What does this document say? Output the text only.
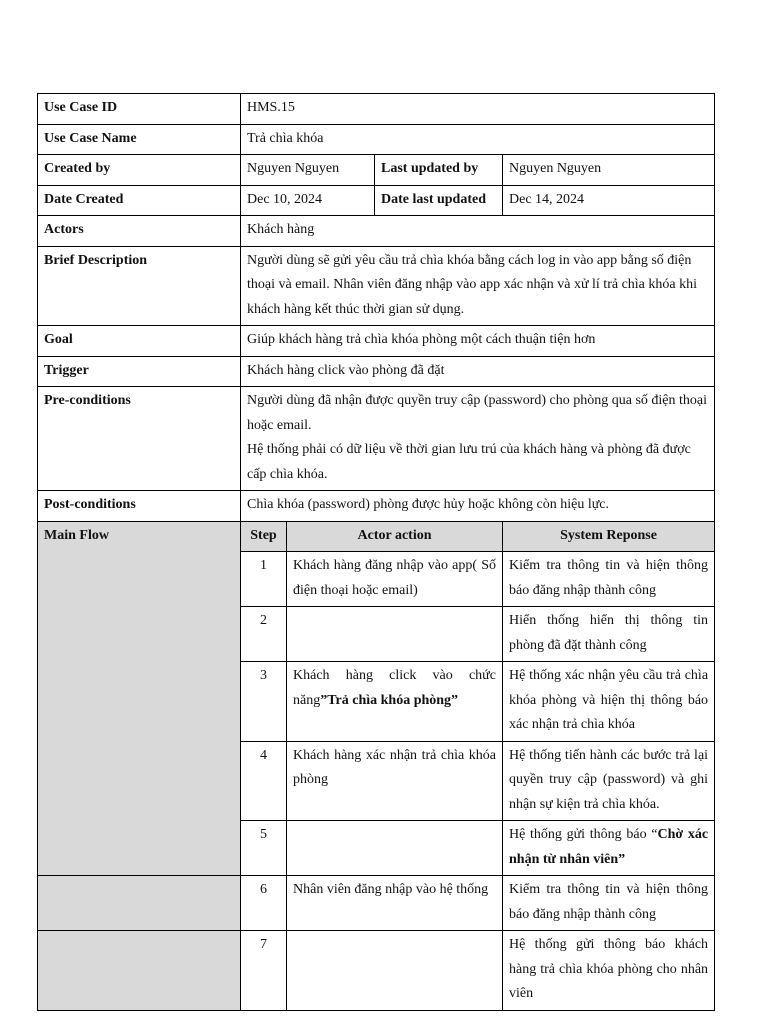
Use Case ID	HMS.15			
Use Case Name	Trả chìa khóa			
Created by	Nguyen Nguyen		Last updated by	Nguyen Nguyen
Date Created	Dec 10, 2024		Date last updated	Dec 14, 2024
Actors	Khách hàng			
Brief Description	Người dùng sẽ gửi yêu cầu trả chìa khóa bằng cách log in vào app bằng số điện thoại và email. Nhân viên đăng nhập vào app xác nhận và xử lí trả chìa khóa khi khách hàng kết thúc thời gian sử dụng.			
Goal	Giúp khách hàng trả chìa khóa phòng một cách thuận tiện hơn			
Trigger	Khách hàng click vào phòng đã đặt			
Pre-conditions	Người dùng đã nhận được quyền truy cập (password) cho phòng qua số điện thoại hoặc email.
Hệ thống phải có dữ liệu về thời gian lưu trú của khách hàng và phòng đã được cấp chìa khóa.			

Post-conditions	Chìa khóa (password) phòng được hủy hoặc không còn hiệu lực.			
Main Flow	Step	Actor action		System Reponse
	1	Khách hàng đăng nhập vào app( Số điện thoại hoặc email)		Kiểm tra thông tin và hiện thông báo đăng nhập thành công
	2			Hiển thống hiển thị thông tin phòng đã đặt thành công
	3	Khách hàng click vào chức năng”Trả chìa khóa phòng”		Hệ thống xác nhận yêu cầu trả chìa khóa phòng và hiện thị thông báo xác nhận trả chìa khóa
	4	Khách hàng xác nhận trả chìa khóa phòng		Hệ thống tiến hành các bước trả lại quyền truy cập (password) và ghi nhận sự kiện trả chìa khóa.
	5			Hệ thống gửi thông báo “Chờ xác nhận từ nhân viên”
	6	Nhân viên đăng nhập vào hệ thống		Kiểm tra thông tin và hiện thông báo đăng nhập thành công
	7			Hệ thống gửi thông báo khách hàng trả chìa khóa phòng cho nhân viên
